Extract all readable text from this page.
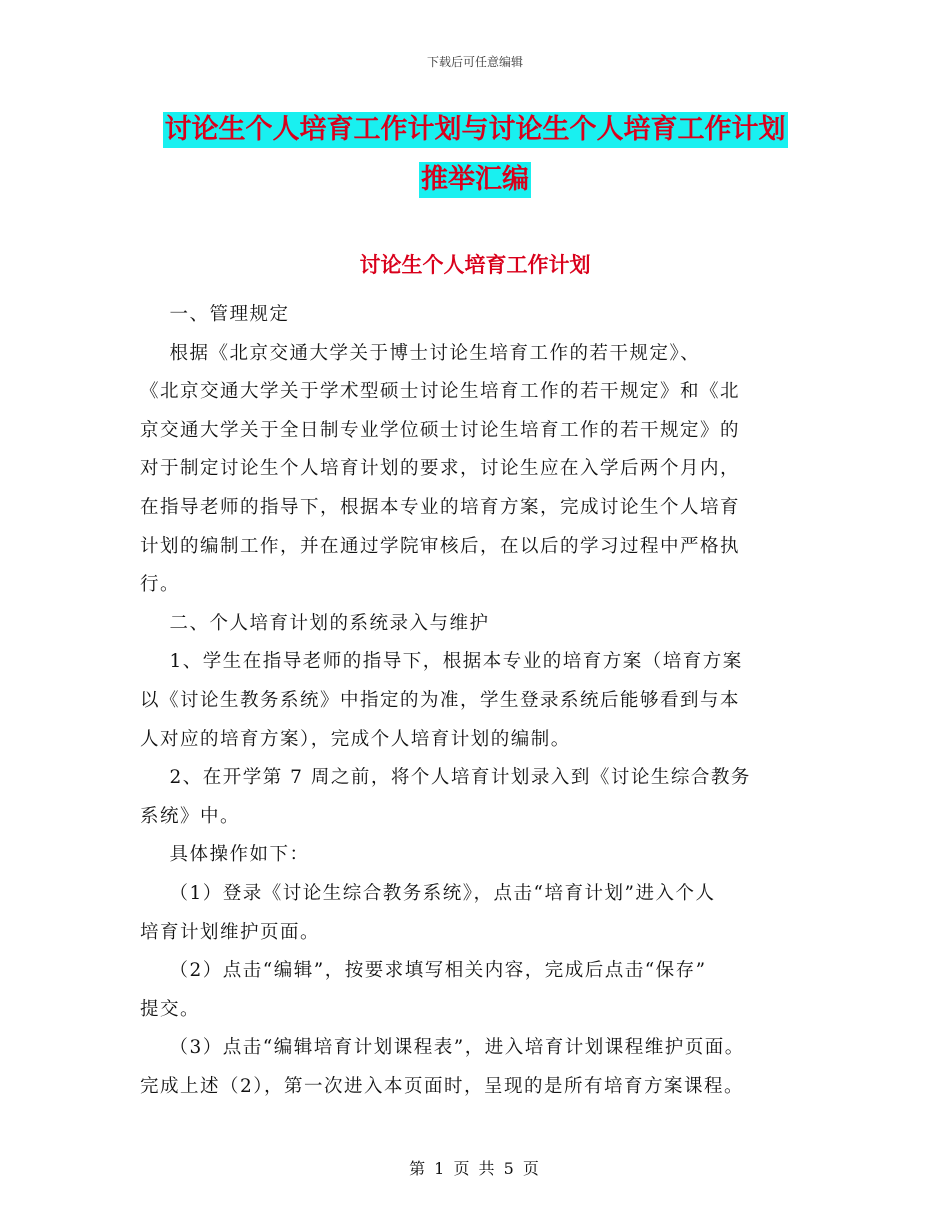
下载后可任意编辑
讨论生个人培育工作计划与讨论生个人培育工作计划
推举汇编
讨论生个人培育工作计划

一、管理规定

根据《北京交通大学关于博士讨论生培育工作的若干规定》、

《北京交通大学关于学术型硕士讨论生培育工作的若干规定》和《北

京交通大学关于全日制专业学位硕士讨论生培育工作的若干规定》的

对于制定讨论生个人培育计划的要求，讨论生应在入学后两个月内，

在指导老师的指导下，根据本专业的培育方案，完成讨论生个人培育

计划的编制工作，并在通过学院审核后，在以后的学习过程中严格执

行。

二、个人培育计划的系统录入与维护

1、学生在指导老师的指导下，根据本专业的培育方案（培育方案

以《讨论生教务系统》中指定的为准，学生登录系统后能够看到与本

人对应的培育方案），完成个人培育计划的编制。

2、在开学第 7 周之前，将个人培育计划录入到《讨论生综合教务

系统》中。

具体操作如下：

（1）登录《讨论生综合教务系统》，点击“培育计划”进入个人

培育计划维护页面。

（2）点击“编辑”，按要求填写相关内容，完成后点击“保存”

提交。

（3）点击“编辑培育计划课程表”，进入培育计划课程维护页面。

完成上述（2），第一次进入本页面时，呈现的是所有培育方案课程。

第 1 页 共 5 页
